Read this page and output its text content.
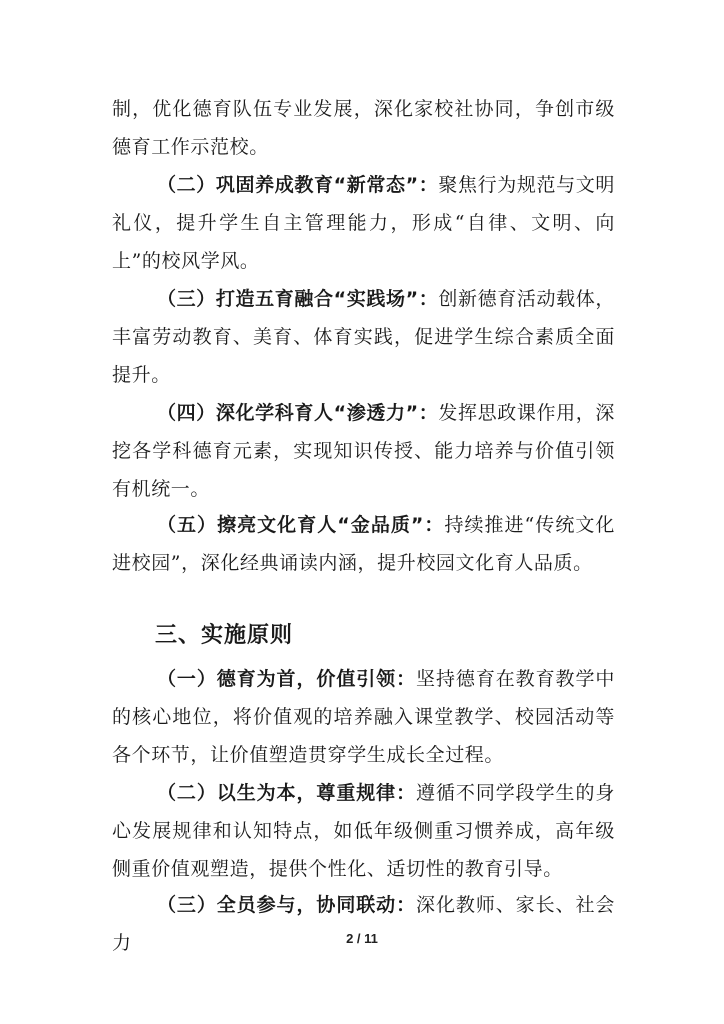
制，优化德育队伍专业发展，深化家校社协同，争创市级德育工作示范校。

（二）巩固养成教育“新常态”：聚焦行为规范与文明礼仪，提升学生自主管理能力，形成“自律、文明、向上”的校风学风。

（三）打造五育融合“实践场”：创新德育活动载体，丰富劳动教育、美育、体育实践，促进学生综合素质全面提升。

（四）深化学科育人“渗透力”：发挥思政课作用，深挖各学科德育元素，实现知识传授、能力培养与价值引领有机统一。

（五）擦亮文化育人“金品质”：持续推进“传统文化进校园”，深化经典诵读内涵，提升校园文化育人品质。

三、实施原则

（一）德育为首，价值引领：坚持德育在教育教学中的核心地位，将价值观的培养融入课堂教学、校园活动等各个环节，让价值塑造贯穿学生成长全过程。

（二）以生为本，尊重规律：遵循不同学段学生的身心发展规律和认知特点，如低年级侧重习惯养成，高年级侧重价值观塑造，提供个性化、适切性的教育引导。

（三）全员参与，协同联动：深化教师、家长、社会力	2 / 11
